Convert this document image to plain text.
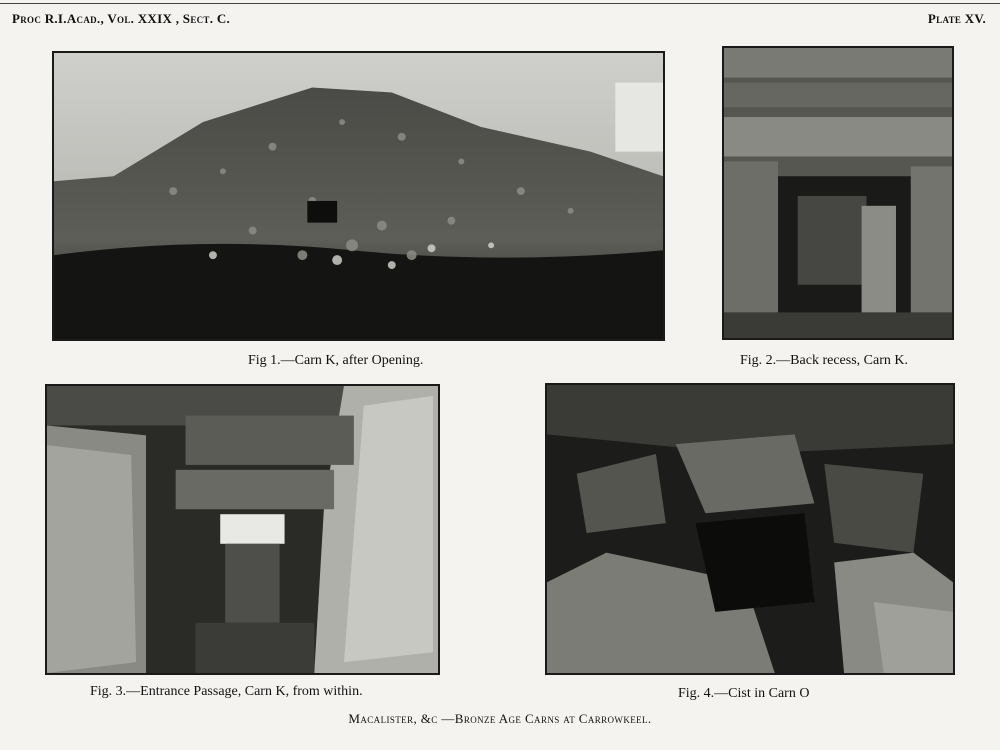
Proc R.I.Acad., Vol. XXIX , Sect. C.	Plate XV.
Fig 1.—Carn K, after Opening.	Fig. 2.—Back recess, Carn K.
Fig. 3.—Entrance Passage, Carn K, from within.	Fig. 4.—Cist in Carn O
Macalister, &c —Bronze Age Carns at Carrowkeel.
